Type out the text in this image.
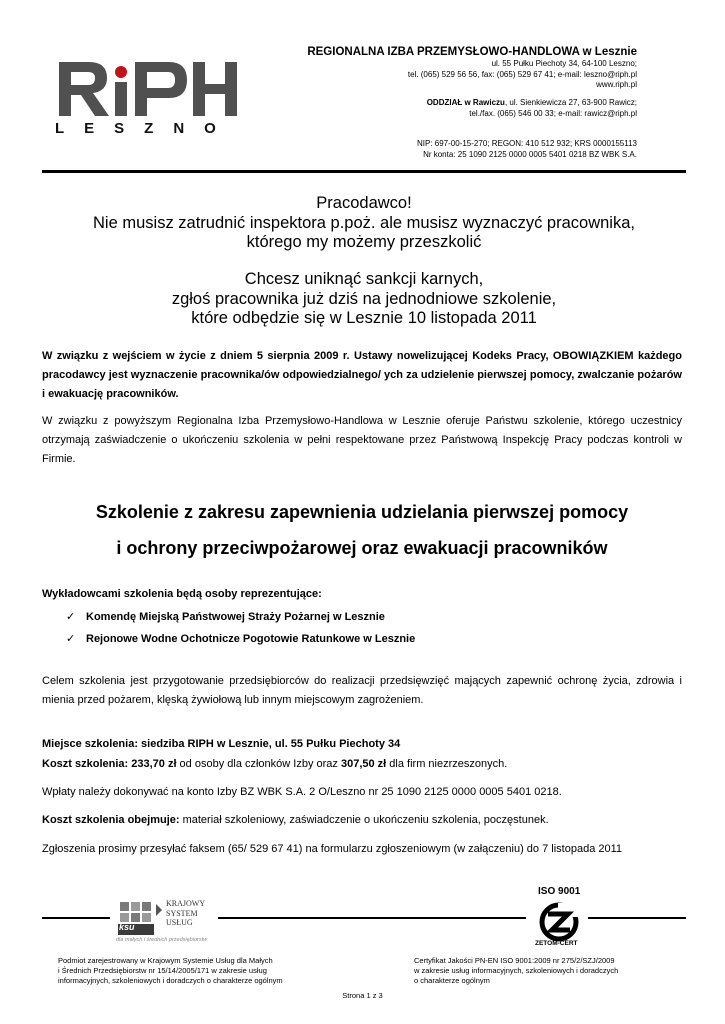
LESZNO
REGIONALNA IZBA PRZEMYSŁOWO-HANDLOWA w Lesznie
ul. 55 Pułku Piechoty 34, 64-100 Leszno;
tel. (065) 529 56 56, fax: (065) 529 67 41; e-mail: leszno@riph.pl
www.riph.pl
ODDZIAŁ w Rawiczu, ul. Sienkiewicza 27, 63-900 Rawicz;
tel./fax. (065) 546 00 33; e-mail: rawicz@riph.pl
NIP: 697-00-15-270; REGON: 410 512 932; KRS 0000155113
Nr konta: 25 1090 2125 0000 0005 5401 0218 BZ WBK S.A.
Pracodawco!
Nie musisz zatrudnić inspektora p.poż. ale musisz wyznaczyć pracownika,
którego my możemy przeszkolić
Chcesz uniknąć sankcji karnych,
zgłoś pracownika już dziś na jednodniowe szkolenie,
które odbędzie się w Lesznie 10 listopada 2011
W związku z wejściem w życie z dniem 5 sierpnia 2009 r. Ustawy nowelizującej Kodeks Pracy, OBOWIĄZKIEM każdego pracodawcy jest wyznaczenie pracownika/ów odpowiedzialnego/ ych za udzielenie pierwszej pomocy, zwalczanie pożarów i ewakuację pracowników.
W związku z powyższym Regionalna Izba Przemysłowo-Handlowa w Lesznie oferuje Państwu szkolenie, którego uczestnicy otrzymają zaświadczenie o ukończeniu szkolenia w pełni respektowane przez Państwową Inspekcję Pracy podczas kontroli w Firmie.
Szkolenie z zakresu zapewnienia udzielania pierwszej pomocy
i ochrony przeciwpożarowej oraz ewakuacji pracowników
Wykładowcami szkolenia będą osoby reprezentujące:
✓ Komendę Miejską Państwowej Straży Pożarnej w Lesznie
✓ Rejonowe Wodne Ochotnicze Pogotowie Ratunkowe w Lesznie
Celem szkolenia jest przygotowanie przedsiębiorców do realizacji przedsięwzięć mających zapewnić ochronę życia, zdrowia i mienia przed pożarem, klęską żywiołową lub innym miejscowym zagrożeniem.
Miejsce szkolenia: siedziba RIPH w Lesznie, ul. 55 Pułku Piechoty 34
Koszt szkolenia: 233,70 zł od osoby dla członków Izby oraz 307,50 zł dla firm niezrzeszonych.
Wpłaty należy dokonywać na konto Izby BZ WBK S.A. 2 O/Leszno nr 25 1090 2125 0000 0005 5401 0218.
Koszt szkolenia obejmuje: materiał szkoleniowy, zaświadczenie o ukończeniu szkolenia, poczęstunek.
Zgłoszenia prosimy przesyłać faksem (65/ 529 67 41) na formularzu zgłoszeniowym (w załączeniu) do 7 listopada 2011
ksu
KRAJOWY
SYSTEM
USŁUG
dla małych i średnich przedsiębiorstw
ISO 9001
ZETOM-CERT
Podmiot zarejestrowany w Krajowym Systemie Usług dla Małych
i Średnich Przedsiębiorstw nr 15/14/2005/171 w zakresie usług
informacyjnych, szkoleniowych i doradczych o charakterze ogólnym
Certyfikat Jakości PN-EN ISO 9001:2009 nr 275/2/SZJ/2009
w zakresie usług informacyjnych, szkoleniowych i doradczych
o charakterze ogólnym
Strona 1 z 3
